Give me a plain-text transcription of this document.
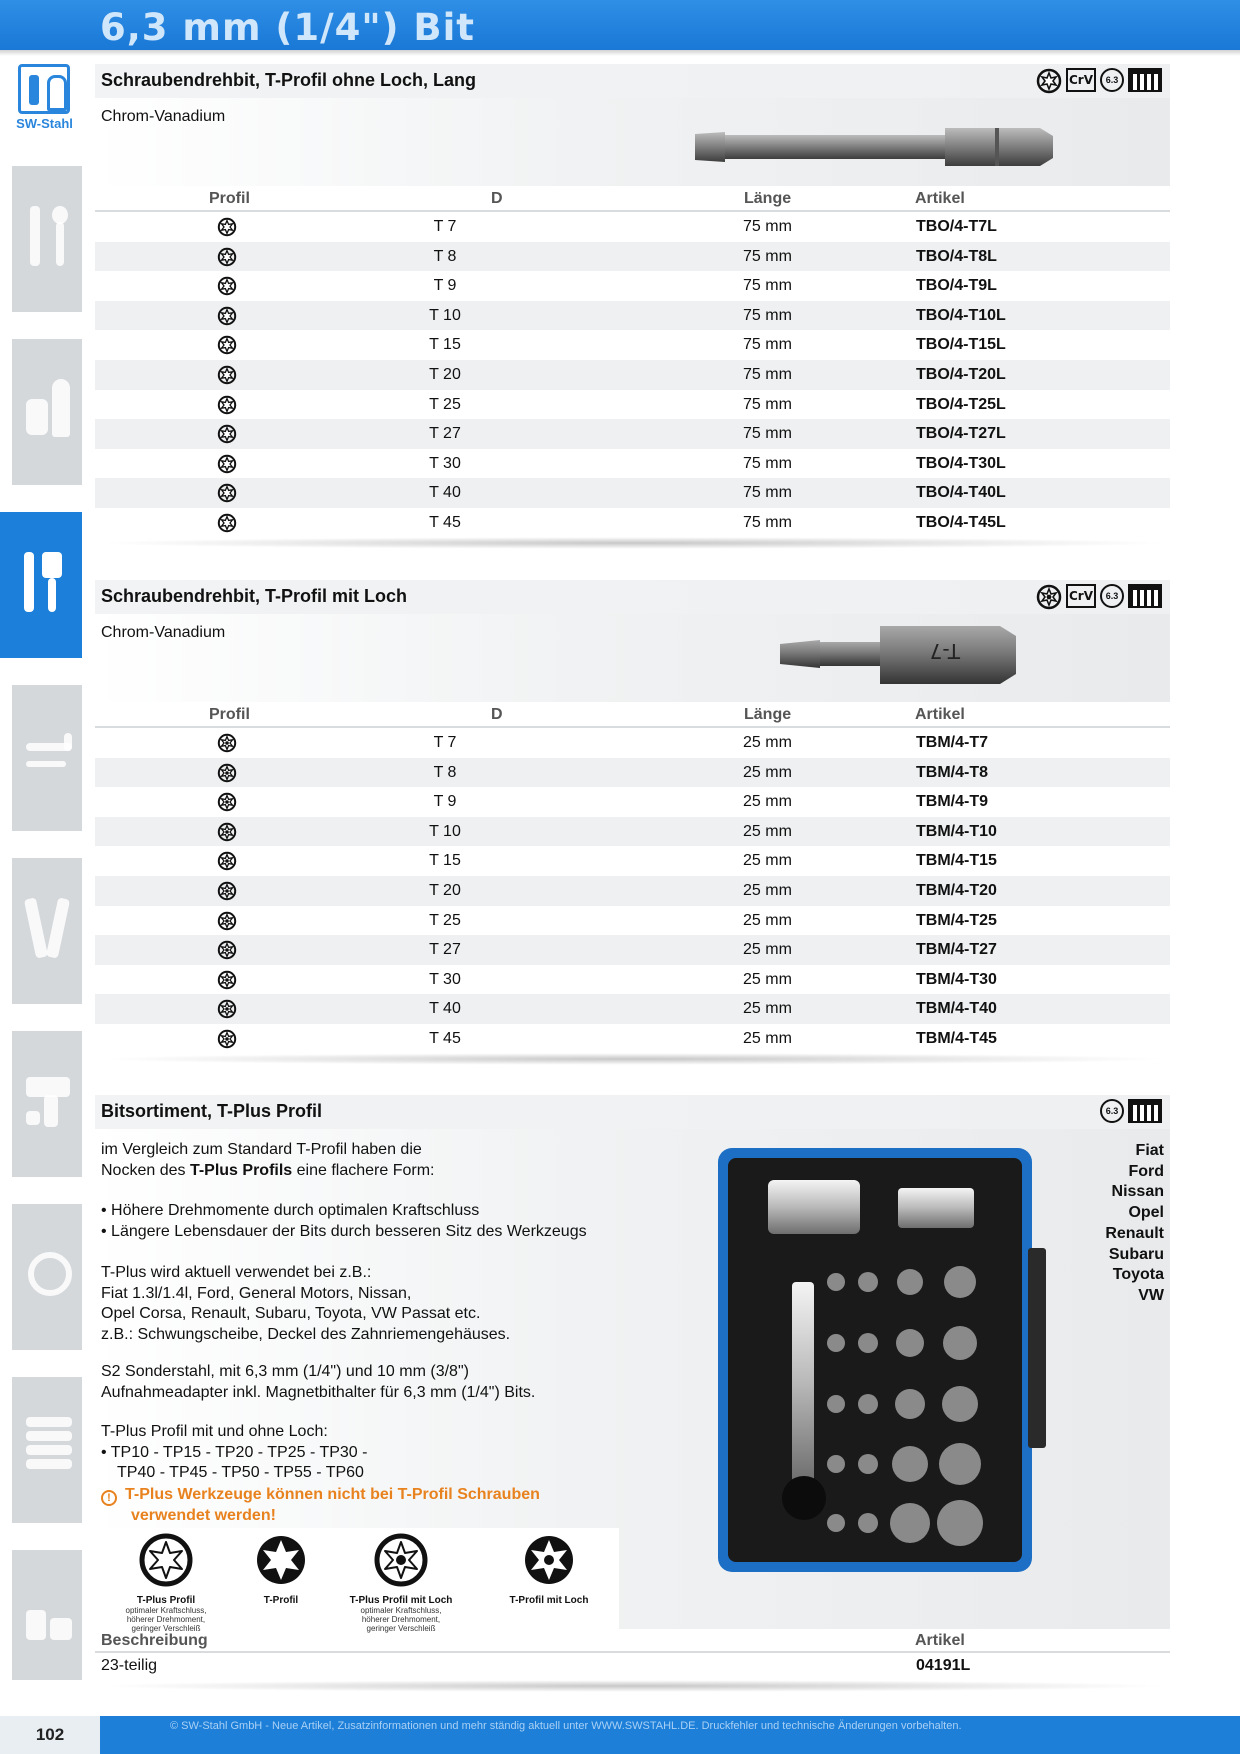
6,3 mm (1/4") Bit
SW-Stahl
Schraubendrehbit, T-Profil ohne Loch, Lang	CrV	6.3
Chrom-Vanadium
Profil	D	Länge	Artikel
T 7	75 mm	TBO/4-T7L
T 8	75 mm	TBO/4-T8L
T 9	75 mm	TBO/4-T9L
T 10	75 mm	TBO/4-T10L
T 15	75 mm	TBO/4-T15L
T 20	75 mm	TBO/4-T20L
T 25	75 mm	TBO/4-T25L
T 27	75 mm	TBO/4-T27L
T 30	75 mm	TBO/4-T30L
T 40	75 mm	TBO/4-T40L
T 45	75 mm	TBO/4-T45L
Schraubendrehbit, T-Profil mit Loch	CrV	6.3
Chrom-Vanadium
T-7
Profil	D	Länge	Artikel
T 7	25 mm	TBM/4-T7
T 8	25 mm	TBM/4-T8
T 9	25 mm	TBM/4-T9
T 10	25 mm	TBM/4-T10
T 15	25 mm	TBM/4-T15
T 20	25 mm	TBM/4-T20
T 25	25 mm	TBM/4-T25
T 27	25 mm	TBM/4-T27
T 30	25 mm	TBM/4-T30
T 40	25 mm	TBM/4-T40
T 45	25 mm	TBM/4-T45
Bitsortiment, T-Plus Profil	6.3
im Vergleich zum Standard T-Profil haben die
Nocken des T-Plus Profils eine flachere Form:
• Höhere Drehmomente durch optimalen Kraftschluss
• Längere Lebensdauer der Bits durch besseren Sitz des Werkzeugs
T-Plus wird aktuell verwendet bei z.B.:
Fiat 1.3l/1.4l, Ford, General Motors, Nissan,
Opel Corsa, Renault, Subaru, Toyota, VW Passat etc.
z.B.: Schwungscheibe, Deckel des Zahnriemengehäuses.
S2 Sonderstahl, mit 6,3 mm (1/4") und 10 mm (3/8")
Aufnahmeadapter inkl. Magnetbithalter für 6,3 mm (1/4") Bits.
T-Plus Profil mit und ohne Loch:
• TP10 - TP15 - TP20 - TP25 - TP30 -
TP40 - TP45 - TP50 - TP55 - TP60
! T-Plus Werkzeuge können nicht bei T-Profil Schrauben
verwendet werden!
T-Plus Profil
optimaler Kraftschluss,
höherer Drehmoment,
geringer Verschleiß
T-Profil	T-Plus Profil mit Loch
optimaler Kraftschluss,
höherer Drehmoment,
geringer Verschleiß
T-Profil mit Loch
Fiat
Ford
Nissan
Opel
Renault
Subaru
Toyota
VW
Beschreibung	Artikel
23-teilig	04191L
102	© SW-Stahl GmbH - Neue Artikel, Zusatzinformationen und mehr ständig aktuell unter WWW.SWSTAHL.DE. Druckfehler und technische Änderungen vorbehalten.
